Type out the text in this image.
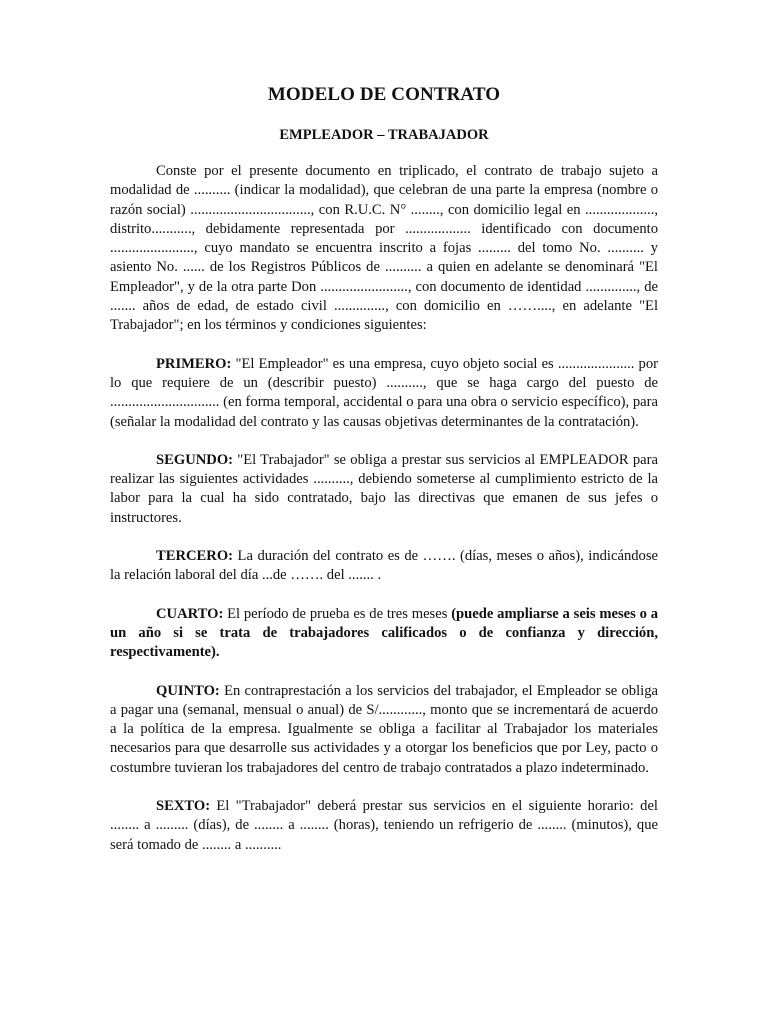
MODELO DE CONTRATO
EMPLEADOR – TRABAJADOR

Conste por el presente documento en triplicado, el contrato de trabajo sujeto a modalidad de .......... (indicar la modalidad), que celebran de una parte la empresa (nombre o razón social) ................................., con R.U.C. N° ........, con domicilio legal en ..................., distrito..........., debidamente representada por .................. identificado con documento ......................., cuyo mandato se encuentra inscrito a fojas ......... del tomo No. .......... y asiento No. ...... de los Registros Públicos de .......... a quien en adelante se denominará "El Empleador", y de la otra parte Don ........................, con documento de identidad .............., de ....... años de edad, de estado civil .............., con domicilio en ……...., en adelante "El Trabajador"; en los términos y condiciones siguientes:

PRIMERO: "El Empleador" es una empresa, cuyo objeto social es ..................... por lo que requiere de un (describir puesto) .........., que se haga cargo del puesto de .............................. (en forma temporal, accidental o para una obra o servicio específico), para (señalar la modalidad del contrato y las causas objetivas determinantes de la contratación).

SEGUNDO: "El Trabajador" se obliga a prestar sus servicios al EMPLEADOR para realizar las siguientes actividades .........., debiendo someterse al cumplimiento estricto de la labor para la cual ha sido contratado, bajo las directivas que emanen de sus jefes o instructores.

TERCERO: La duración del contrato es de ……. (días, meses o años), indicándose la relación laboral del día ...de ……. del ....... .

CUARTO: El período de prueba es de tres meses (puede ampliarse a seis meses o a un año si se trata de trabajadores calificados o de confianza y dirección, respectivamente).

QUINTO: En contraprestación a los servicios del trabajador, el Empleador se obliga a pagar una (semanal, mensual o anual) de S/............, monto que se incrementará de acuerdo a la política de la empresa. Igualmente se obliga a facilitar al Trabajador los materiales necesarios para que desarrolle sus actividades y a otorgar los beneficios que por Ley, pacto o costumbre tuvieran los trabajadores del centro de trabajo contratados a plazo indeterminado.

SEXTO: El "Trabajador" deberá prestar sus servicios en el siguiente horario: del ........ a ......... (días), de ........ a ........ (horas), teniendo un refrigerio de ........ (minutos), que será tomado de ........ a ..........
